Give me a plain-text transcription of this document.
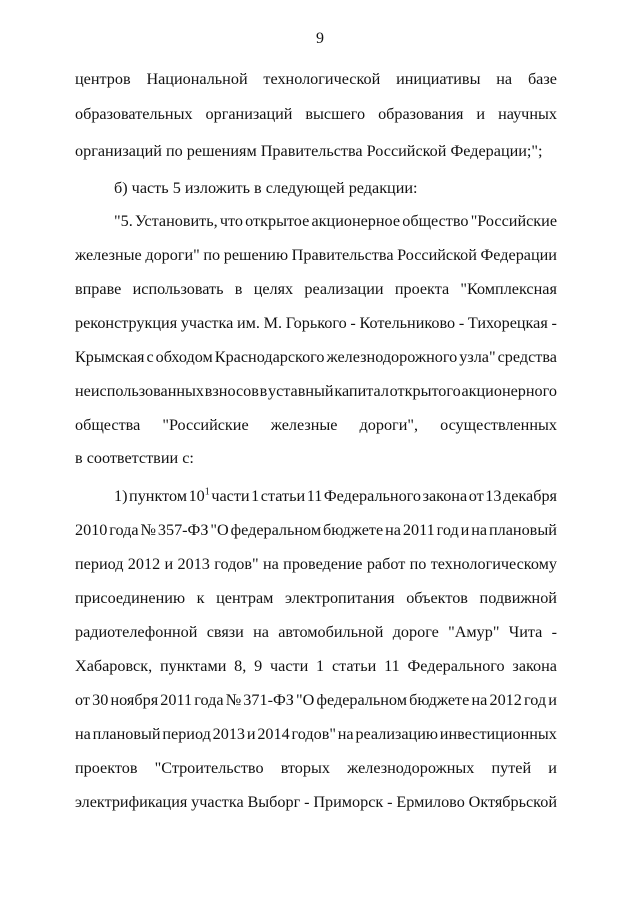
9
центров Национальной технологической инициативы на базе
образовательных организаций высшего образования и научных
организаций по решениям Правительства Российской Федерации;";
б) часть 5 изложить в следующей редакции:
"5. Установить, что открытое акционерное общество "Российские
железные дороги" по решению Правительства Российской Федерации
вправе использовать в целях реализации проекта "Комплексная
реконструкция участка им. М. Горького - Котельниково - Тихорецкая -
Крымская с обходом Краснодарского железнодорожного узла" средства
неиспользованных взносов в уставный капитал открытого акционерного
общества "Российские железные дороги", осуществленных
в соответствии с:
1) пунктом $10^1$ части 1 статьи 11 Федерального закона от 13 декабря
2010 года № 357-ФЗ "О федеральном бюджете на 2011 год и на плановый
период 2012 и 2013 годов" на проведение работ по технологическому
присоединению к центрам электропитания объектов подвижной
радиотелефонной связи на автомобильной дороге "Амур" Чита -
Хабаровск, пунктами 8, 9 части 1 статьи 11 Федерального закона
от 30 ноября 2011 года № 371-ФЗ "О федеральном бюджете на 2012 год и
на плановый период 2013 и 2014 годов" на реализацию инвестиционных
проектов "Строительство вторых железнодорожных путей и
электрификация участка Выборг - Приморск - Ермилово Октябрьской
